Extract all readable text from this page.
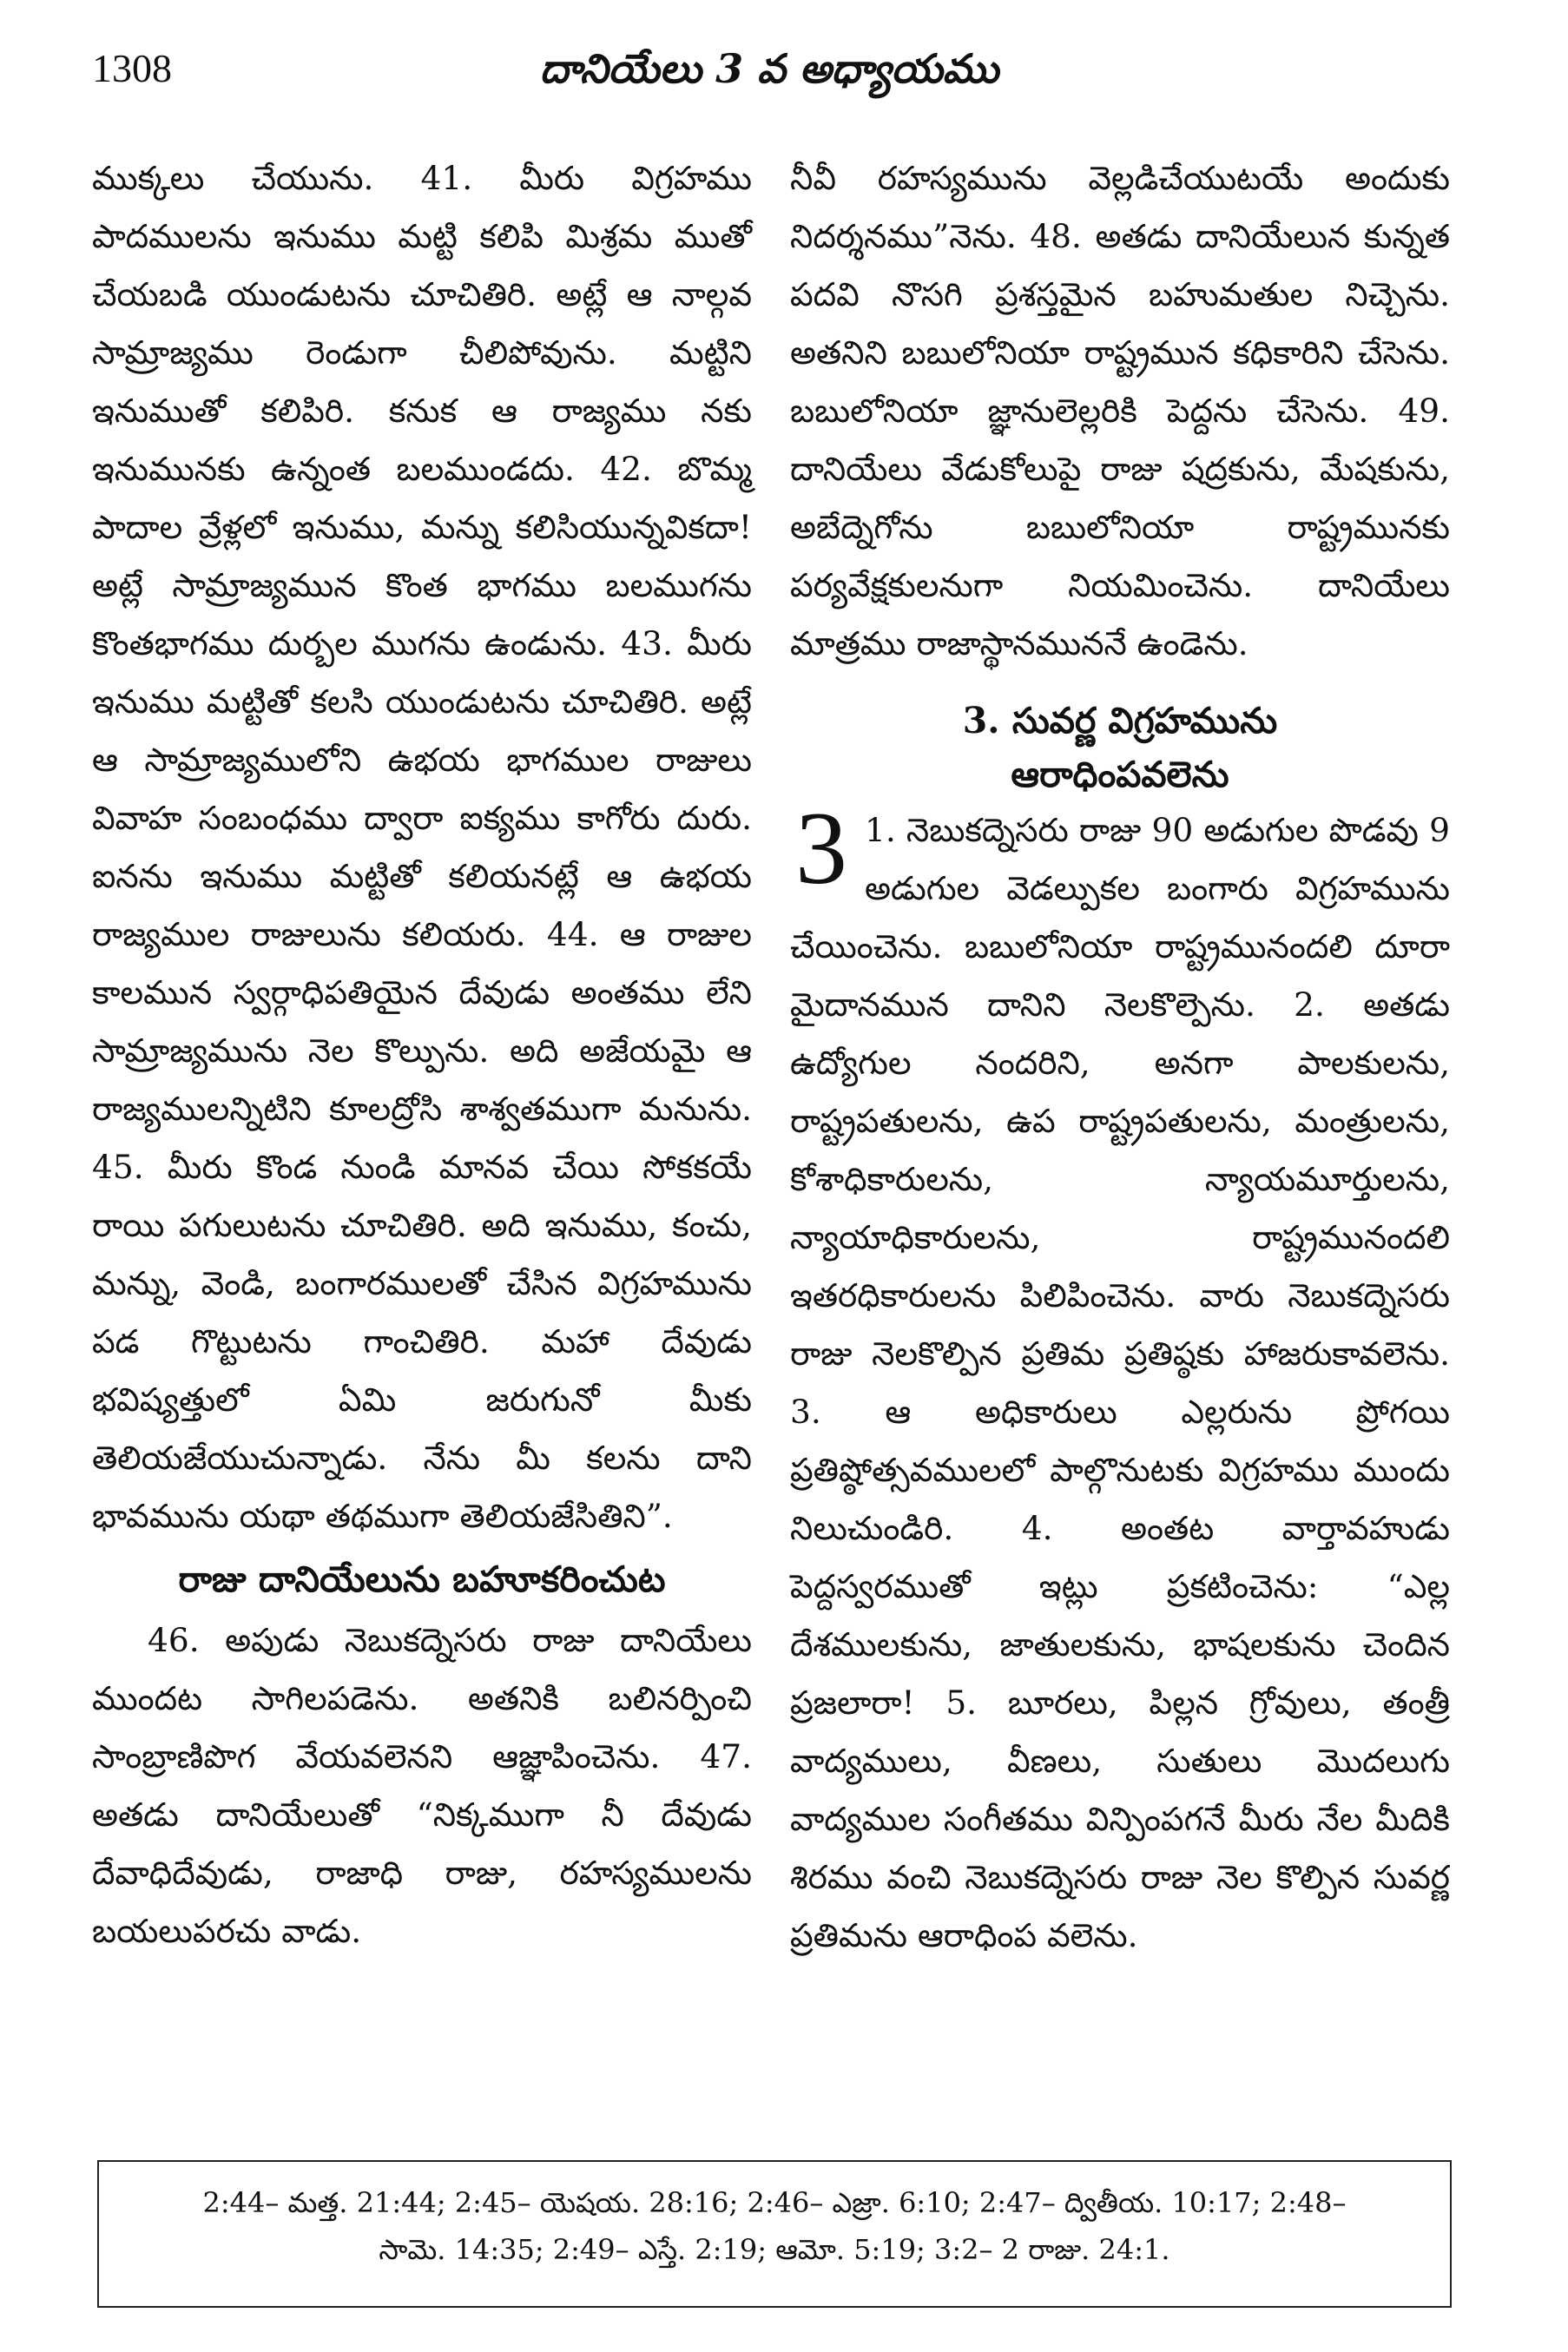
దానియేలు 3 వ అధ్యాయము
1308

ముక్కలు చేయును. 41. మీరు విగ్రహము పాదములను ఇనుము మట్టి కలిపి మిశ్రమ ముతో చేయబడి యుండుటను చూచితిరి. అట్లే ఆ నాల్గవ సామ్రాజ్యము రెండుగా చీలిపోవును. మట్టిని ఇనుముతో కలిపిరి. కనుక ఆ రాజ్యము నకు ఇనుమునకు ఉన్నంత బలముండదు. 42. బొమ్మ పాదాల వ్రేళ్లలో ఇనుము, మన్ను కలిసియున్నవికదా! అట్లే సామ్రాజ్యమున కొంత భాగము బలముగను కొంతభాగము దుర్బల ముగను ఉండును. 43. మీరు ఇనుము మట్టితో కలసి యుండుటను చూచితిరి. అట్లే ఆ సామ్రాజ్యములోని ఉభయ భాగముల రాజులు వివాహ సంబంధము ద్వారా ఐక్యము కాగోరు దురు. ఐనను ఇనుము మట్టితో కలియనట్లే ఆ ఉభయ రాజ్యముల రాజులును కలియరు. 44. ఆ రాజుల కాలమున స్వర్గాధిపతియైన దేవుడు అంతము లేని సామ్రాజ్యమును నెల కొల్పును. అది అజేయమై ఆ రాజ్యములన్నిటిని కూలద్రోసి శాశ్వతముగా మనును. 45. మీరు కొండ నుండి మానవ చేయి సోకకయే రాయి పగులుటను చూచితిరి. అది ఇనుము, కంచు, మన్ను, వెండి, బంగారములతో చేసిన విగ్రహమును పడ గొట్టుటను గాంచితిరి. మహా దేవుడు భవిష్యత్తులో ఏమి జరుగునో మీకు తెలియజేయుచున్నాడు. నేను మీ కలను దాని భావమును యథా తథముగా తెలియజేసితిని”.

రాజు దానియేలును బహూకరించుట

46. అపుడు నెబుకద్నెసరు రాజు దానియేలు ముందట సాగిలపడెను. అతనికి బలినర్పించి సాంబ్రాణిపొగ వేయవలెనని ఆజ్ఞాపించెను. 47. అతడు దానియేలుతో “నిక్కముగా నీ దేవుడు దేవాధిదేవుడు, రాజాధి రాజు, రహస్యములను బయలుపరచు వాడు.

నీవీ రహస్యమును వెల్లడిచేయుటయే అందుకు నిదర్శనము”నెను. 48. అతడు దానియేలున కున్నత పదవి నొసగి ప్రశస్తమైన బహుమతుల నిచ్చెను. అతనిని బబులోనియా రాష్ట్రమున కధికారిని చేసెను. బబులోనియా జ్ఞానులెల్లరికి పెద్దను చేసెను. 49. దానియేలు వేడుకోలుపై రాజు షద్రకును, మేషకును, అబేద్నెగోను బబులోనియా రాష్ట్రమునకు పర్యవేక్షకులనుగా నియమించెను. దానియేలు మాత్రము రాజాస్థానముననే ఉండెను.

3. సువర్ణ విగ్రహమును
ఆరాధింపవలెను

3 1. నెబుకద్నెసరు రాజు 90 అడుగుల పొడవు 9 అడుగుల వెడల్పుకల బంగారు విగ్రహమును చేయించెను. బబులోనియా రాష్ట్రమునందలి దూరా మైదానమున దానిని నెలకొల్పెను. 2. అతడు ఉద్యోగుల నందరిని, అనగా పాలకులను, రాష్ట్రపతులను, ఉప రాష్ట్రపతులను, మంత్రులను, కోశాధికారులను, న్యాయమూర్తులను, న్యాయాధికారులను, రాష్ట్రమునందలి ఇతరధికారులను పిలిపించెను. వారు నెబుకద్నెసరు రాజు నెలకొల్పిన ప్రతిమ ప్రతిష్ఠకు హాజరుకావలెను. 3. ఆ అధికారులు ఎల్లరును ప్రోగయి ప్రతిష్ఠోత్సవములలో పాల్గొనుటకు విగ్రహము ముందు నిలుచుండిరి. 4. అంతట వార్తావహుడు పెద్దస్వరముతో ఇట్లు ప్రకటించెను: “ఎల్ల దేశములకును, జాతులకును, భాషలకును చెందిన ప్రజలారా! 5. బూరలు, పిల్లన గ్రోవులు, తంత్రీ వాద్యములు, వీణలు, సుతులు మొదలుగు వాద్యముల సంగీతము విన్పింపగనే మీరు నేల మీదికి శిరము వంచి నెబుకద్నెసరు రాజు నెల కొల్పిన సువర్ణ ప్రతిమను ఆరాధింప వలెను.

2:44– మత్త. 21:44; 2:45– యెషయ. 28:16; 2:46– ఎజ్రా. 6:10; 2:47– ద్వితీయ. 10:17; 2:48–

సామె. 14:35; 2:49– ఎస్తే. 2:19; ఆమో. 5:19; 3:2– 2 రాజు. 24:1.
